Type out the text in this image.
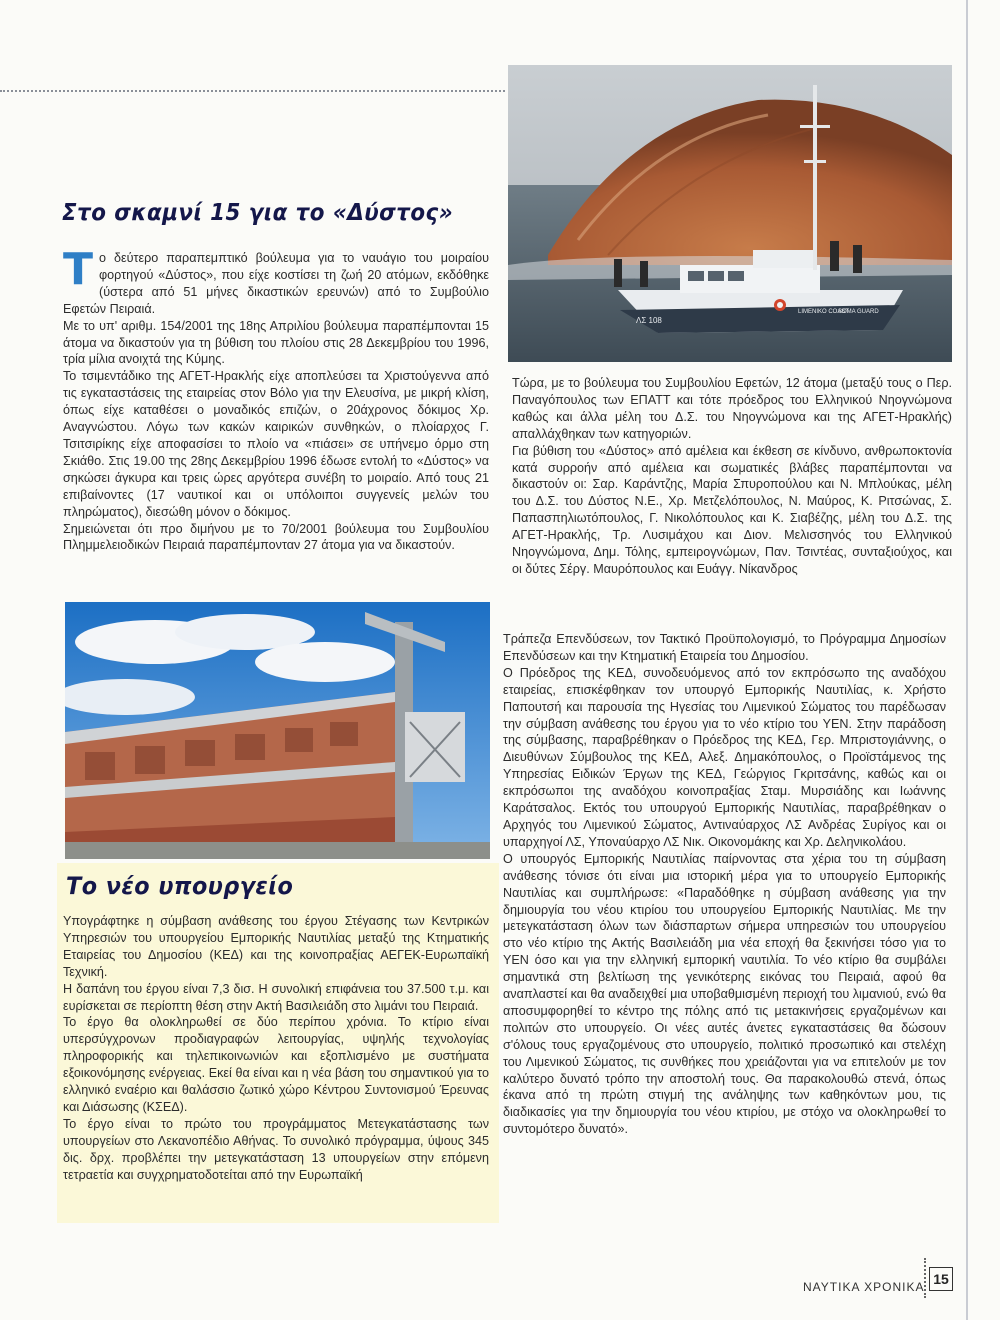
ΛΣ 108
LIMENIKO COAST
SOMA GUARD
Στο σκαμνί 15 για το «Δύστος»
Τ ο δεύτερο παραπεμπτικό βούλευμα για το ναυάγιο του μοιραίου φορτηγού «Δύστος», που είχε κοστίσει τη ζωή 20 ατόμων, εκδόθηκε (ύστερα από 51 μήνες δικαστικών ερευνών) από το Συμβούλιο Εφετών Πειραιά.

Με το υπ' αριθμ. 154/2001 της 18ης Απριλίου βούλευμα παραπέμπονται 15 άτομα να δικαστούν για τη βύθιση του πλοίου στις 28 Δεκεμβρίου του 1996, τρία μίλια ανοιχτά της Κύμης.

Το τσιμεντάδικο της ΑΓΕΤ-Ηρακλής είχε αποπλεύσει τα Χριστούγεννα από τις εγκαταστάσεις της εταιρείας στον Βόλο για την Ελευσίνα, με μικρή κλίση, όπως είχε καταθέσει ο μοναδικός επιζών, ο 20άχρονος δόκιμος Χρ. Αναγνώστου. Λόγω των κακών καιρικών συνθηκών, ο πλοίαρχος Γ. Τσιτσιρίκης είχε αποφασίσει το πλοίο να «πιάσει» σε υπήνεμο όρμο στη Σκιάθο. Στις 19.00 της 28ης Δεκεμβρίου 1996 έδωσε εντολή το «Δύστος» να σηκώσει άγκυρα και τρεις ώρες αργότερα συνέβη το μοιραίο. Από τους 21 επιβαίνοντες (17 ναυτικοί και οι υπόλοιποι συγγενείς μελών του πληρώματος), διεσώθη μόνον ο δόκιμος.

Σημειώνεται ότι προ διμήνου με το 70/2001 βούλευμα του Συμβουλίου Πλημμελειοδικών Πειραιά παραπέμπονταν 27 άτομα για να δικαστούν.

Τώρα, με το βούλευμα του Συμβουλίου Εφετών, 12 άτομα (μεταξύ τους ο Περ. Παναγόπουλος των ΕΠΑΤΤ και τότε πρόεδρος του Ελληνικού Νηογνώμονα καθώς και άλλα μέλη του Δ.Σ. του Νηογνώμονα και της ΑΓΕΤ-Ηρακλής) απαλλάχθηκαν των κατηγοριών.

Για βύθιση του «Δύστος» από αμέλεια και έκθεση σε κίνδυνο, ανθρωποκτονία κατά συρροήν από αμέλεια και σωματικές βλάβες παραπέμπονται να δικαστούν οι: Σαρ. Καράντζης, Μαρία Σπυροπούλου και Ν. Μπλούκας, μέλη του Δ.Σ. του Δύστος Ν.Ε., Χρ. Μετζελόπουλος, Ν. Μαύρος, Κ. Ριτσώνας, Σ. Παπασπηλιωτόπουλος, Γ. Νικολόπουλος και Κ. Σιαβέζης, μέλη του Δ.Σ. της ΑΓΕΤ-Ηρακλής, Τρ. Λυσιμάχου και Διον. Μελισσηνός του Ελληνικού Νηογνώμονα, Δημ. Τόλης, εμπειρογνώμων, Παν. Τσιντέας, συνταξιούχος, και οι δύτες Σέργ. Μαυρόπουλος και Ευάγγ. Νίκανδρος

Το νέο υπουργείο

Υπογράφτηκε η σύμβαση ανάθεσης του έργου Στέγασης των Κεντρικών Υπηρεσιών του υπουργείου Εμπορικής Ναυτιλίας μεταξύ της Κτηματικής Εταιρείας του Δημοσίου (ΚΕΔ) και της κοινοπραξίας ΑΕΓΕΚ-Ευρωπαϊκή Τεχνική.

Η δαπάνη του έργου είναι 7,3 δισ. Η συνολική επιφάνεια του 37.500 τ.μ. και ευρίσκεται σε περίοπτη θέση στην Ακτή Βασιλειάδη στο λιμάνι του Πειραιά.

Το έργο θα ολοκληρωθεί σε δύο περίπου χρόνια. Το κτίριο είναι υπερσύγχρονων προδιαγραφών λειτουργίας, υψηλής τεχνολογίας πληροφορικής και τηλεπικοινωνιών και εξοπλισμένο με συστήματα εξοικονόμησης ενέργειας. Εκεί θα είναι και η νέα βάση του σημαντικού για το ελληνικό εναέριο και θαλάσσιο ζωτικό χώρο Κέντρου Συντονισμού Έρευνας και Διάσωσης (ΚΣΕΔ).

Το έργο είναι το πρώτο του προγράμματος Μετεγκατάστασης των υπουργείων στο Λεκανοπέδιο Αθήνας. Το συνολικό πρόγραμμα, ύψους 345 δις. δρχ. προβλέπει την μετεγκατάσταση 13 υπουργείων στην επόμενη τετραετία και συγχρηματοδοτείται από την Ευρωπαϊκή

Τράπεζα Επενδύσεων, τον Τακτικό Προϋπολογισμό, το Πρόγραμμα Δημοσίων Επενδύσεων και την Κτηματική Εταιρεία του Δημοσίου.

Ο Πρόεδρος της ΚΕΔ, συνοδευόμενος από τον εκπρόσωπο της αναδόχου εταιρείας, επισκέφθηκαν τον υπουργό Εμπορικής Ναυτιλίας, κ. Χρήστο Παπουτσή και παρουσία της Ηγεσίας του Λιμενικού Σώματος του παρέδωσαν την σύμβαση ανάθεσης του έργου για το νέο κτίριο του ΥΕΝ. Στην παράδοση της σύμβασης, παραβρέθηκαν ο Πρόεδρος της ΚΕΔ, Γερ. Μπριστογιάννης, ο Διευθύνων Σύμβουλος της ΚΕΔ, Αλεξ. Δημακόπουλος, ο Προϊστάμενος της Υπηρεσίας Ειδικών Έργων της ΚΕΔ, Γεώργιος Γκριτσάνης, καθώς και οι εκπρόσωποι της αναδόχου κοινοπραξίας Σταμ. Μυρσιάδης και Ιωάννης Καράτσαλος. Εκτός του υπουργού Εμπορικής Ναυτιλίας, παραβρέθηκαν ο Αρχηγός του Λιμενικού Σώματος, Αντιναύαρχος ΛΣ Ανδρέας Συρίγος και οι υπαρχηγοί ΛΣ, Υποναύαρχο ΛΣ Νικ. Οικονομάκης και Χρ. Δεληνικολάου.

Ο υπουργός Εμπορικής Ναυτιλίας παίρνοντας στα χέρια του τη σύμβαση ανάθεσης τόνισε ότι είναι μια ιστορική μέρα για το υπουργείο Εμπορικής Ναυτιλίας και συμπλήρωσε: «Παραδόθηκε η σύμβαση ανάθεσης για την δημιουργία του νέου κτιρίου του υπουργείου Εμπορικής Ναυτιλίας. Με την μετεγκατάσταση όλων των διάσπαρτων σήμερα υπηρεσιών του υπουργείου στο νέο κτίριο της Ακτής Βασιλειάδη μια νέα εποχή θα ξεκινήσει τόσο για το ΥΕΝ όσο και για την ελληνική εμπορική ναυτιλία. Το νέο κτίριο θα συμβάλει σημαντικά στη βελτίωση της γενικότερης εικόνας του Πειραιά, αφού θα αναπλαστεί και θα αναδειχθεί μια υποβαθμισμένη περιοχή του λιμανιού, ενώ θα αποσυμφορηθεί το κέντρο της πόλης από τις μετακινήσεις εργαζομένων και πολιτών στο υπουργείο. Οι νέες αυτές άνετες εγκαταστάσεις θα δώσουν σ'όλους τους εργαζομένους στο υπουργείο, πολιτικό προσωπικό και στελέχη του Λιμενικού Σώματος, τις συνθήκες που χρειάζονται για να επιτελούν με τον καλύτερο δυνατό τρόπο την αποστολή τους. Θα παρακολουθώ στενά, όπως έκανα από τη πρώτη στιγμή της ανάληψης των καθηκόντων μου, τις διαδικασίες για την δημιουργία του νέου κτιρίου, με στόχο να ολοκληρωθεί το συντομότερο δυνατό».

ΝΑΥΤΙΚΑ ΧΡΟΝΙΚΑ 15
